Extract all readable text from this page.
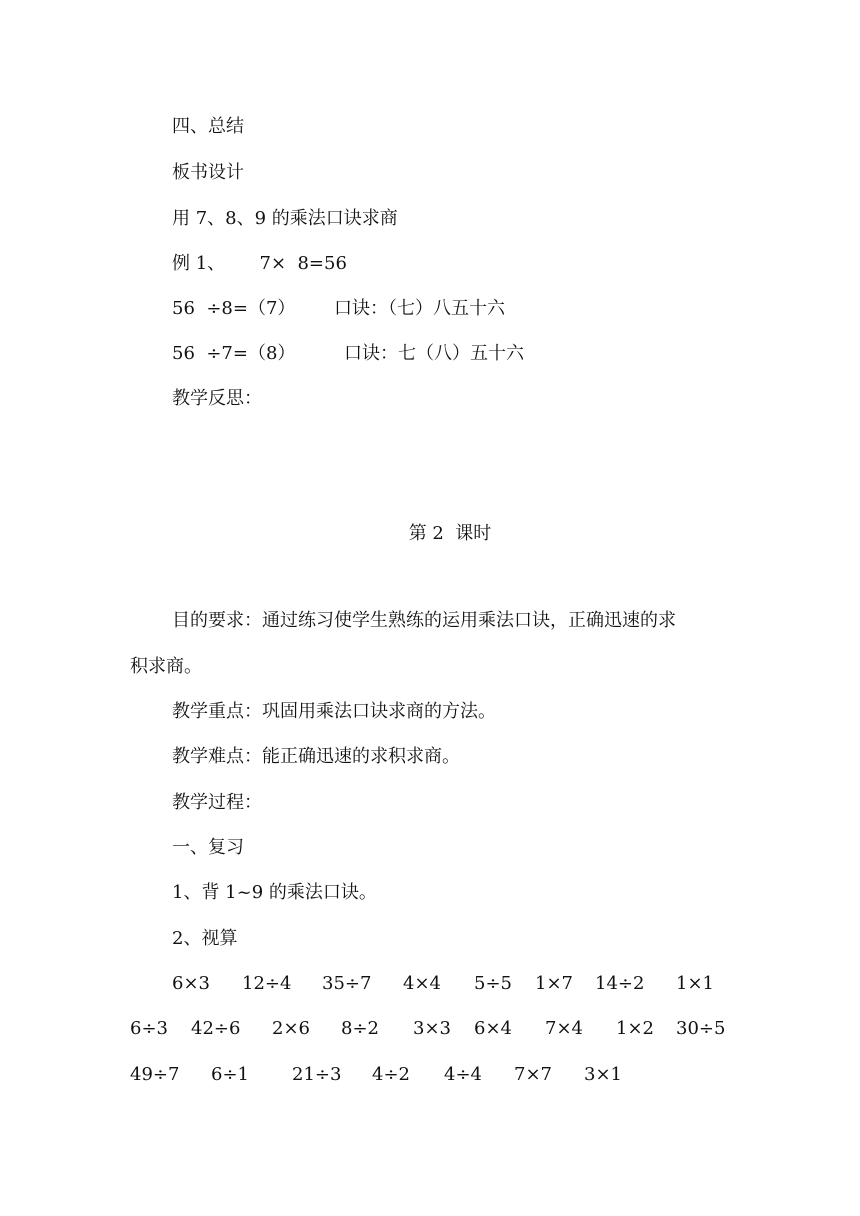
四、总结
板书设计
用 7、8、9 的乘法口诀求商
例 1、      7×  8=56
56  ÷8=（7） 口诀：（七）八五十六
56  ÷7=（8）	口诀：七（八）五十六
教学反思：
第 2  课时
目的要求：通过练习使学生熟练的运用乘法口诀，正确迅速的求
积求商。
教学重点：巩固用乘法口诀求商的方法。
教学难点：能正确迅速的求积求商。
教学过程：
一、复习
1、背 1~9 的乘法口诀。
2、视算
6×3 12÷4 35÷7 4×4 5÷5 1×7 14÷2 1×1
6÷3 42÷6 2×6 8÷2 3×3 6×4 7×4 1×2 30÷5
49÷7 6÷1 21÷3 4÷2 4÷4 7×7 3×1
